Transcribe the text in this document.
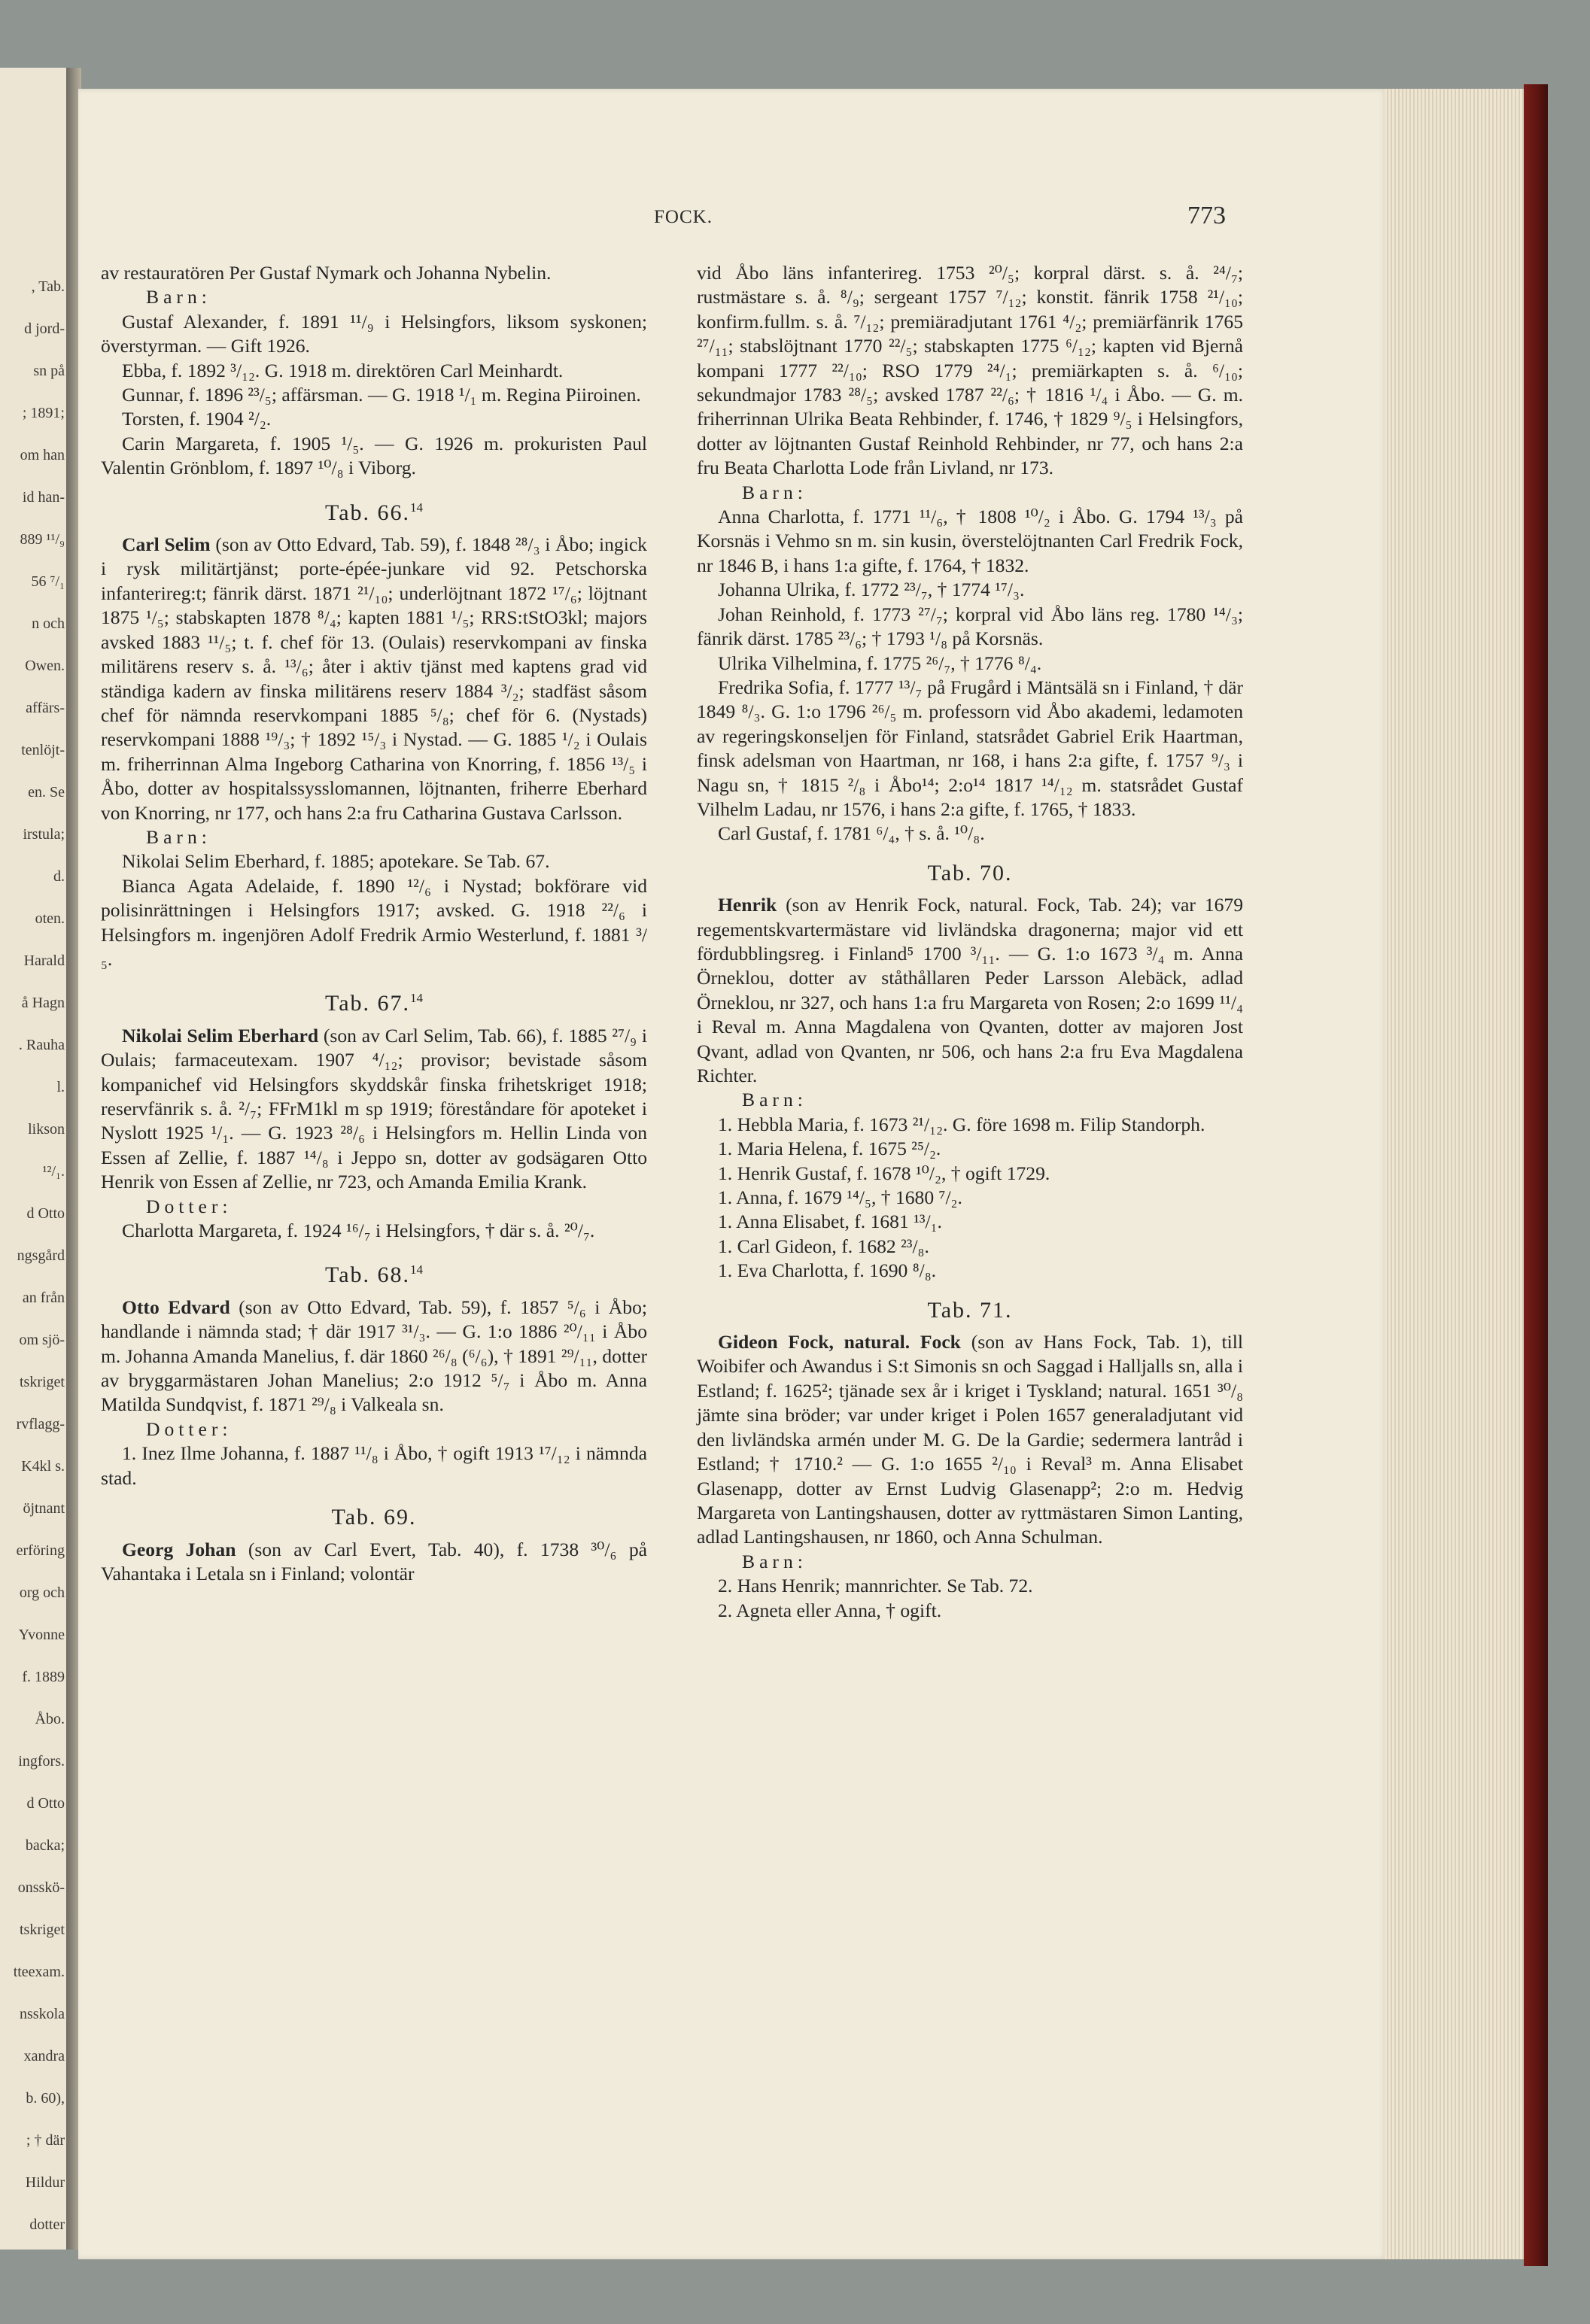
, Tab.
d jord-
sn på
; 1891;
om han
id han-
889 ¹¹/₉
56 ⁷/₁
n och
Owen.
affärs-
tenlöjt-
en. Se
irstula;
d.
oten.
Harald
å Hagn
. Rauha
l.
likson
¹²/₁.
d Otto
ngsgård
an från
om sjö-
tskriget
rvflagg-
K4kl s.
öjtnant
erföring
org och
Yvonne
f. 1889
Åbo.
ingfors.
d Otto
backa;
onsskö-
tskriget
tteexam.
nsskola
xandra
b. 60),
; † där
Hildur
dotter
FOCK.	773

av restauratören Per Gustaf Nymark och Johanna Nybelin.

Barn:

Gustaf Alexander, f. 1891 ¹¹/₉ i Helsingfors, liksom syskonen; överstyrman. — Gift 1926.

Ebba, f. 1892 ³/₁₂. G. 1918 m. direktören Carl Meinhardt.

Gunnar, f. 1896 ²³/₅; affärsman. — G. 1918 ¹/₁ m. Regina Piiroinen.

Torsten, f. 1904 ²/₂.

Carin Margareta, f. 1905 ¹/₅. — G. 1926 m. prokuristen Paul Valentin Grönblom, f. 1897 ¹⁰/₈ i Viborg.

Tab. 66.14

Carl Selim (son av Otto Edvard, Tab. 59), f. 1848 ²⁸/₃ i Åbo; ingick i rysk militärtjänst; porte-épée-junkare vid 92. Petschorska infanterireg:t; fänrik därst. 1871 ²¹/₁₀; underlöjtnant 1872 ¹⁷/₆; löjtnant 1875 ¹/₅; stabskapten 1878 ⁸/₄; kapten 1881 ¹/₅; RRS:tStO3kl; majors avsked 1883 ¹¹/₅; t. f. chef för 13. (Oulais) reservkompani av finska militärens reserv s. å. ¹³/₆; åter i aktiv tjänst med kaptens grad vid ständiga kadern av finska militärens reserv 1884 ³/₂; stadfäst såsom chef för nämnda reservkompani 1885 ⁵/₈; chef för 6. (Nystads) reservkompani 1888 ¹⁹/₃; † 1892 ¹⁵/₃ i Nystad. — G. 1885 ¹/₂ i Oulais m. friherrinnan Alma Ingeborg Catharina von Knorring, f. 1856 ¹³/₅ i Åbo, dotter av hospitalssysslomannen, löjtnanten, friherre Eberhard von Knorring, nr 177, och hans 2:a fru Catharina Gustava Carlsson.

Barn:

Nikolai Selim Eberhard, f. 1885; apotekare. Se Tab. 67.

Bianca Agata Adelaide, f. 1890 ¹²/₆ i Nystad; bokförare vid polisinrättningen i Helsingfors 1917; avsked. G. 1918 ²²/₆ i Helsingfors m. ingenjören Adolf Fredrik Armio Westerlund, f. 1881 ³/₅.

Tab. 67.14

Nikolai Selim Eberhard (son av Carl Selim, Tab. 66), f. 1885 ²⁷/₉ i Oulais; farmaceutexam. 1907 ⁴/₁₂; provisor; bevistade såsom kompanichef vid Helsingfors skyddskår finska frihetskriget 1918; reservfänrik s. å. ²/₇; FFrM1kl m sp 1919; föreståndare för apoteket i Nyslott 1925 ¹/₁. — G. 1923 ²⁸/₆ i Helsingfors m. Hellin Linda von Essen af Zellie, f. 1887 ¹⁴/₈ i Jeppo sn, dotter av godsägaren Otto Henrik von Essen af Zellie, nr 723, och Amanda Emilia Krank.

Dotter:

Charlotta Margareta, f. 1924 ¹⁶/₇ i Helsingfors, † där s. å. ²⁰/₇.

Tab. 68.14

Otto Edvard (son av Otto Edvard, Tab. 59), f. 1857 ⁵/₆ i Åbo; handlande i nämnda stad; † där 1917 ³¹/₃. — G. 1:o 1886 ²⁰/₁₁ i Åbo m. Johanna Amanda Manelius, f. där 1860 ²⁶/₈ (⁶/₆), † 1891 ²⁹/₁₁, dotter av bryggarmästaren Johan Manelius; 2:o 1912 ⁵/₇ i Åbo m. Anna Matilda Sundqvist, f. 1871 ²⁹/₈ i Valkeala sn.

Dotter:

1. Inez Ilme Johanna, f. 1887 ¹¹/₈ i Åbo, † ogift 1913 ¹⁷/₁₂ i nämnda stad.

Tab. 69.

Georg Johan (son av Carl Evert, Tab. 40), f. 1738 ³⁰/₆ på Vahantaka i Letala sn i Finland; volontär

vid Åbo läns infanterireg. 1753 ²⁰/₅; korpral därst. s. å. ²⁴/₇; rustmästare s. å. ⁸/₉; sergeant 1757 ⁷/₁₂; konstit. fänrik 1758 ²¹/₁₀; konfirm.fullm. s. å. ⁷/₁₂; premiäradjutant 1761 ⁴/₂; premiärfänrik 1765 ²⁷/₁₁; stabslöjtnant 1770 ²²/₅; stabskapten 1775 ⁶/₁₂; kapten vid Bjernå kompani 1777 ²²/₁₀; RSO 1779 ²⁴/₁; premiärkapten s. å. ⁶/₁₀; sekundmajor 1783 ²⁸/₅; avsked 1787 ²²/₆; † 1816 ¹/₄ i Åbo. — G. m. friherrinnan Ulrika Beata Rehbinder, f. 1746, † 1829 ⁹/₅ i Helsingfors, dotter av löjtnanten Gustaf Reinhold Rehbinder, nr 77, och hans 2:a fru Beata Charlotta Lode från Livland, nr 173.

Barn:

Anna Charlotta, f. 1771 ¹¹/₆, † 1808 ¹⁰/₂ i Åbo. G. 1794 ¹³/₃ på Korsnäs i Vehmo sn m. sin kusin, överstelöjtnanten Carl Fredrik Fock, nr 1846 B, i hans 1:a gifte, f. 1764, † 1832.

Johanna Ulrika, f. 1772 ²³/₇, † 1774 ¹⁷/₃.

Johan Reinhold, f. 1773 ²⁷/₇; korpral vid Åbo läns reg. 1780 ¹⁴/₃; fänrik därst. 1785 ²³/₆; † 1793 ¹/₈ på Korsnäs.

Ulrika Vilhelmina, f. 1775 ²⁶/₇, † 1776 ⁸/₄.

Fredrika Sofia, f. 1777 ¹³/₇ på Frugård i Mäntsälä sn i Finland, † där 1849 ⁸/₃. G. 1:o 1796 ²⁶/₅ m. professorn vid Åbo akademi, ledamoten av regeringskonseljen för Finland, statsrådet Gabriel Erik Haartman, finsk adelsman von Haartman, nr 168, i hans 2:a gifte, f. 1757 ⁹/₃ i Nagu sn, † 1815 ²/₈ i Åbo¹⁴; 2:o¹⁴ 1817 ¹⁴/₁₂ m. statsrådet Gustaf Vilhelm Ladau, nr 1576, i hans 2:a gifte, f. 1765, † 1833.

Carl Gustaf, f. 1781 ⁶/₄, † s. å. ¹⁰/₈.

Tab. 70.

Henrik (son av Henrik Fock, natural. Fock, Tab. 24); var 1679 regementskvartermästare vid livländska dragonerna; major vid ett fördubblingsreg. i Finland⁵ 1700 ³/₁₁. — G. 1:o 1673 ³/₄ m. Anna Örneklou, dotter av ståthållaren Peder Larsson Alebäck, adlad Örneklou, nr 327, och hans 1:a fru Margareta von Rosen; 2:o 1699 ¹¹/₄ i Reval m. Anna Magdalena von Qvanten, dotter av majoren Jost Qvant, adlad von Qvanten, nr 506, och hans 2:a fru Eva Magdalena Richter.

Barn:

1. Hebbla Maria, f. 1673 ²¹/₁₂. G. före 1698 m. Filip Standorph.

1. Maria Helena, f. 1675 ²⁵/₂.

1. Henrik Gustaf, f. 1678 ¹⁰/₂, † ogift 1729.

1. Anna, f. 1679 ¹⁴/₅, † 1680 ⁷/₂.

1. Anna Elisabet, f. 1681 ¹³/₁.

1. Carl Gideon, f. 1682 ²³/₈.

1. Eva Charlotta, f. 1690 ⁸/₈.

Tab. 71.

Gideon Fock, natural. Fock (son av Hans Fock, Tab. 1), till Woibifer och Awandus i S:t Simonis sn och Saggad i Halljalls sn, alla i Estland; f. 1625²; tjänade sex år i kriget i Tyskland; natural. 1651 ³⁰/₈ jämte sina bröder; var under kriget i Polen 1657 generaladjutant vid den livländska armén under M. G. De la Gardie; sedermera lantråd i Estland; † 1710.² — G. 1:o 1655 ²/₁₀ i Reval³ m. Anna Elisabet Glasenapp, dotter av Ernst Ludvig Glasenapp²; 2:o m. Hedvig Margareta von Lantingshausen, dotter av ryttmästaren Simon Lanting, adlad Lantingshausen, nr 1860, och Anna Schulman.

Barn:

2. Hans Henrik; mannrichter. Se Tab. 72.

2. Agneta eller Anna, † ogift.
